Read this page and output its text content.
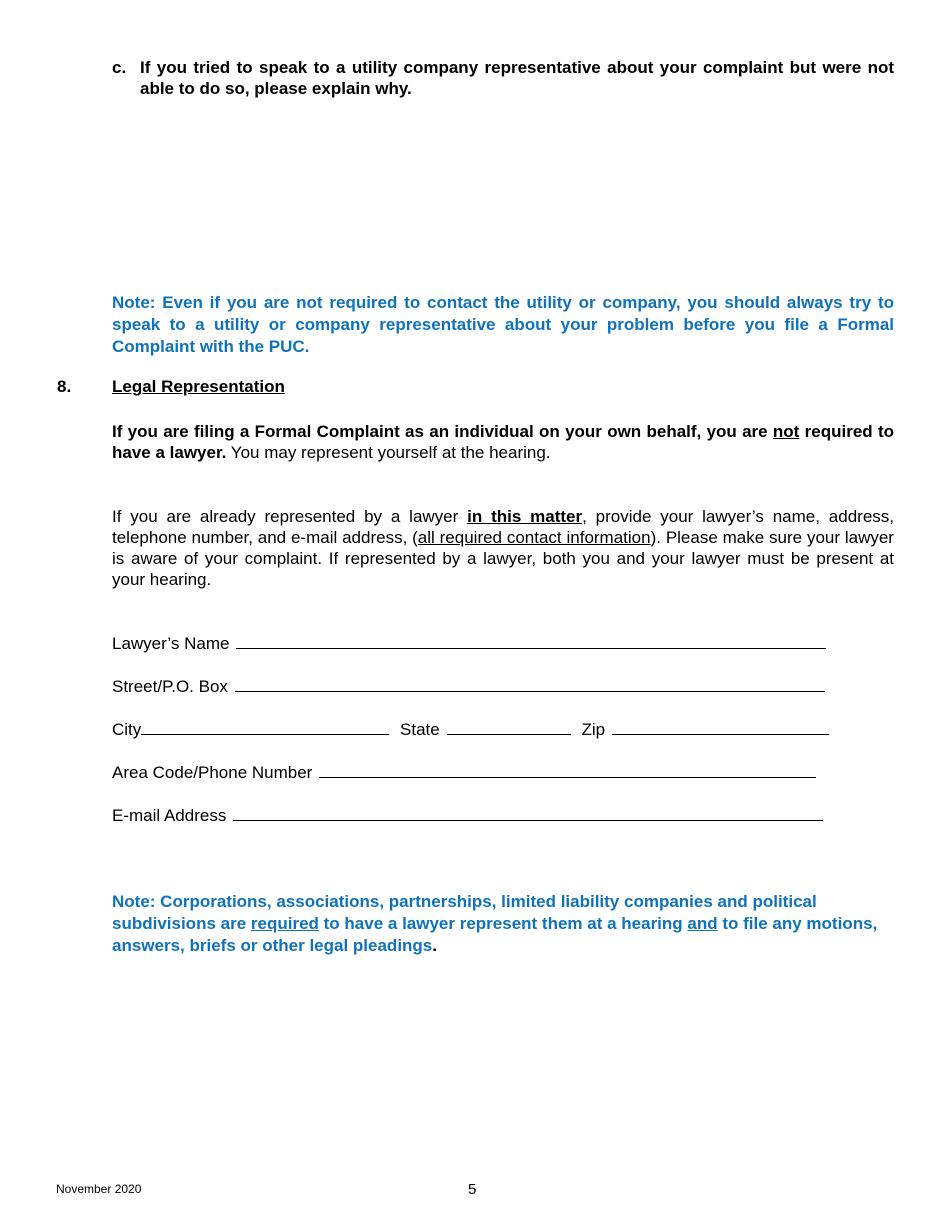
c. If you tried to speak to a utility company representative about your complaint but were not able to do so, please explain why.
Note: Even if you are not required to contact the utility or company, you should always try to speak to a utility or company representative about your problem before you file a Formal Complaint with the PUC.
8. Legal Representation
If you are filing a Formal Complaint as an individual on your own behalf, you are not required to have a lawyer. You may represent yourself at the hearing.
If you are already represented by a lawyer in this matter, provide your lawyer’s name, address, telephone number, and e-mail address, (all required contact information). Please make sure your lawyer is aware of your complaint. If represented by a lawyer, both you and your lawyer must be present at your hearing.
Lawyer’s Name
Street/P.O. Box
City	State	Zip
Area Code/Phone Number
E-mail Address
Note: Corporations, associations, partnerships, limited liability companies and political subdivisions are required to have a lawyer represent them at a hearing and to file any motions, answers, briefs or other legal pleadings.
November 2020	5
